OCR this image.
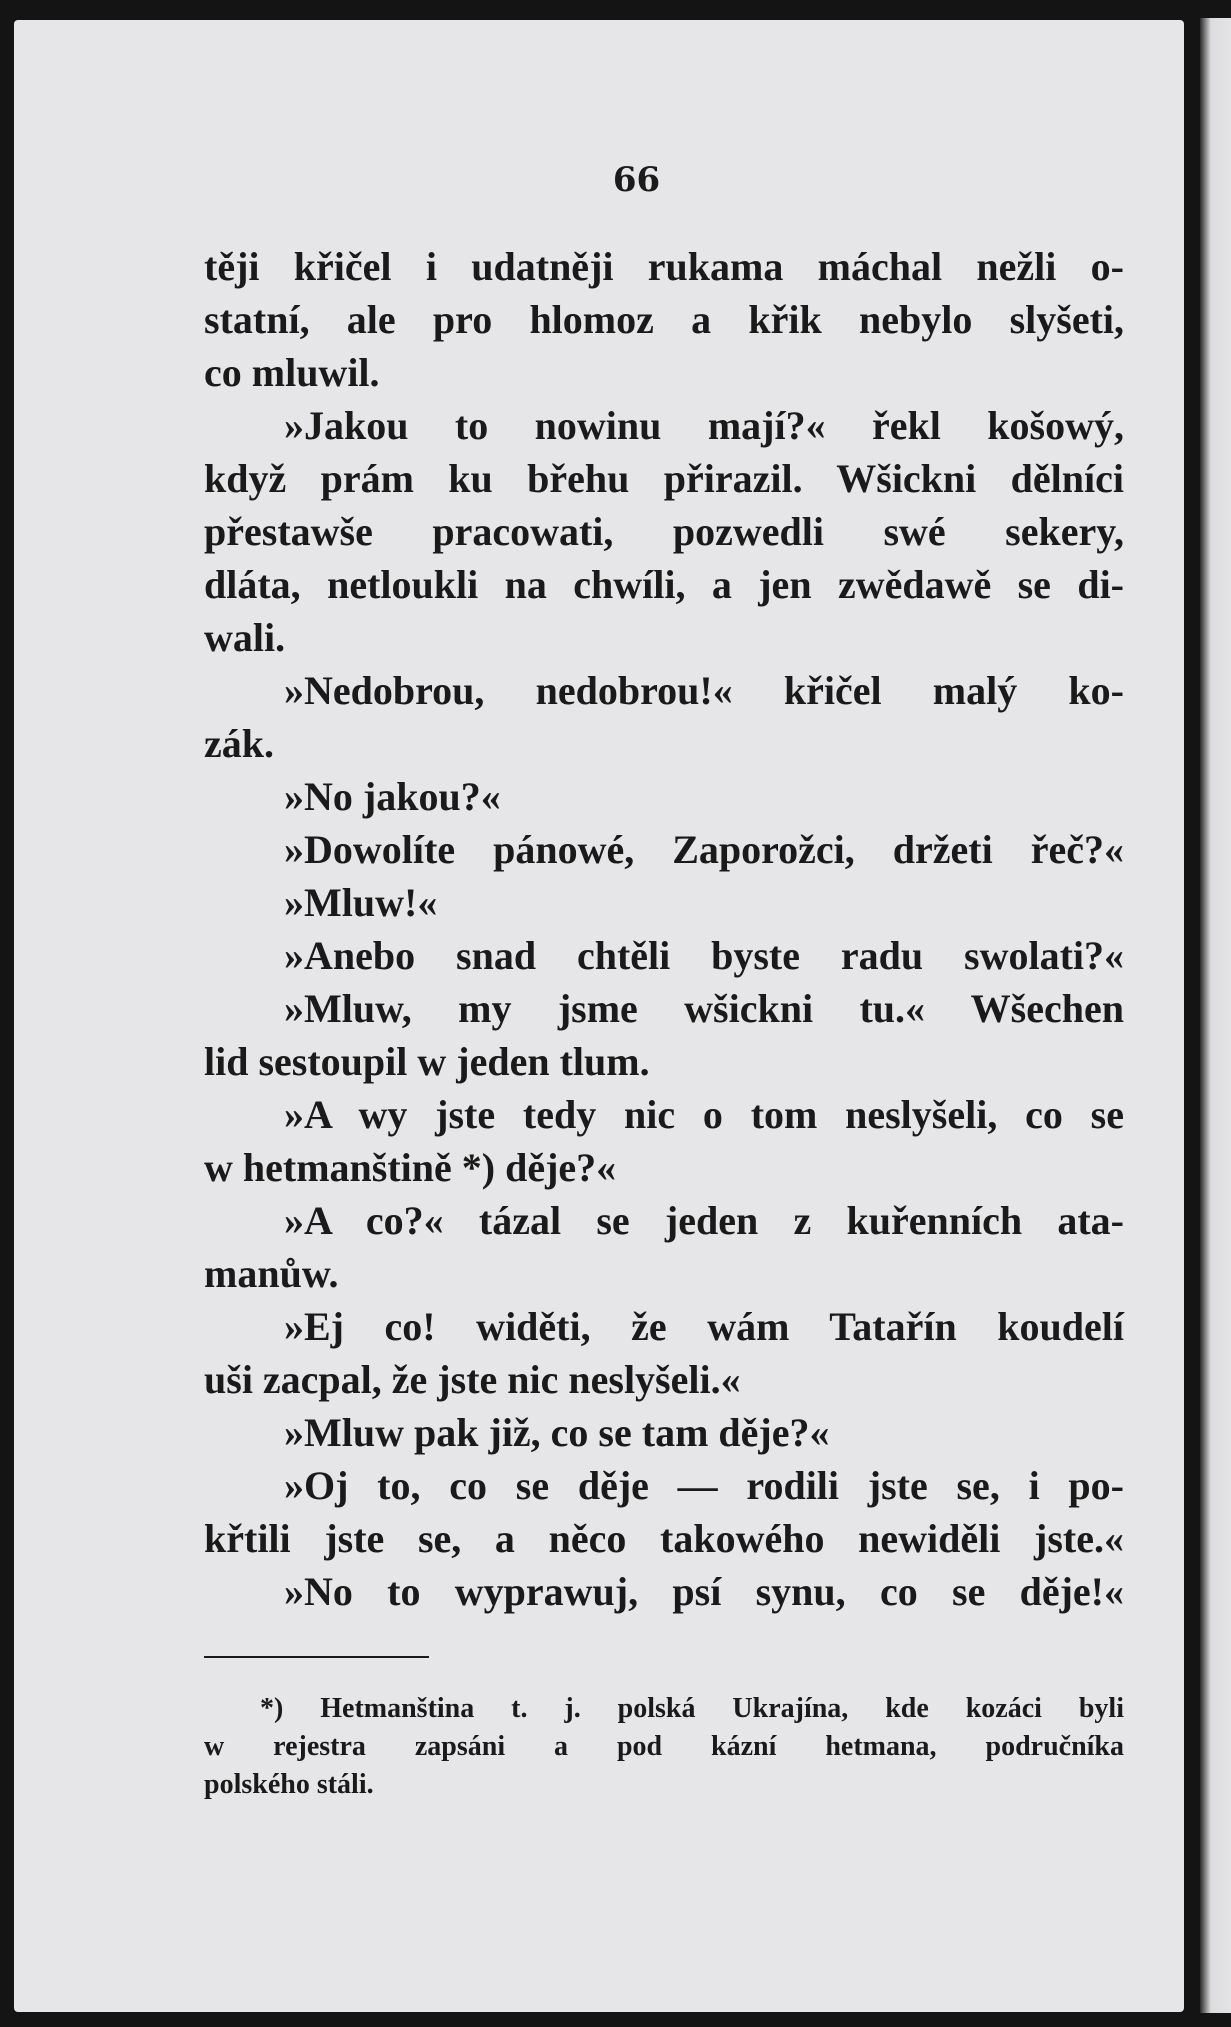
66
těji křičel i udatněji rukama máchal nežli o-
statní, ale pro hlomoz a křik nebylo slyšeti,
co mluwil.
»Jakou to nowinu mají?« řekl košowý,
když prám ku břehu přirazil. Wšickni dělníci
přestawše pracowati, pozwedli swé sekery,
dláta, netloukli na chwíli, a jen zwědawě se di-
wali.
»Nedobrou, nedobrou!« křičel malý ko-
zák.
»No jakou?«
»Dowolíte pánowé, Zaporožci, držeti řeč?«
»Mluw!«
»Anebo snad chtěli byste radu swolati?«
»Mluw, my jsme wšickni tu.« Wšechen
lid sestoupil w jeden tlum.
»A wy jste tedy nic o tom neslyšeli, co se
w hetmanštině *) děje?«
»A co?« tázal se jeden z kuřenních ata-
manůw.
»Ej co! widěti, že wám Tatařín koudelí
uši zacpal, že jste nic neslyšeli.«
»Mluw pak již, co se tam děje?«
»Oj to, co se děje — rodili jste se, i po-
křtili jste se, a něco takowého newiděli jste.«
»No to wyprawuj, psí synu, co se děje!«
*) Hetmanština t. j. polská Ukrajína, kde kozáci byli
w rejestra zapsáni a pod kázní hetmana, područníka
polského stáli.
